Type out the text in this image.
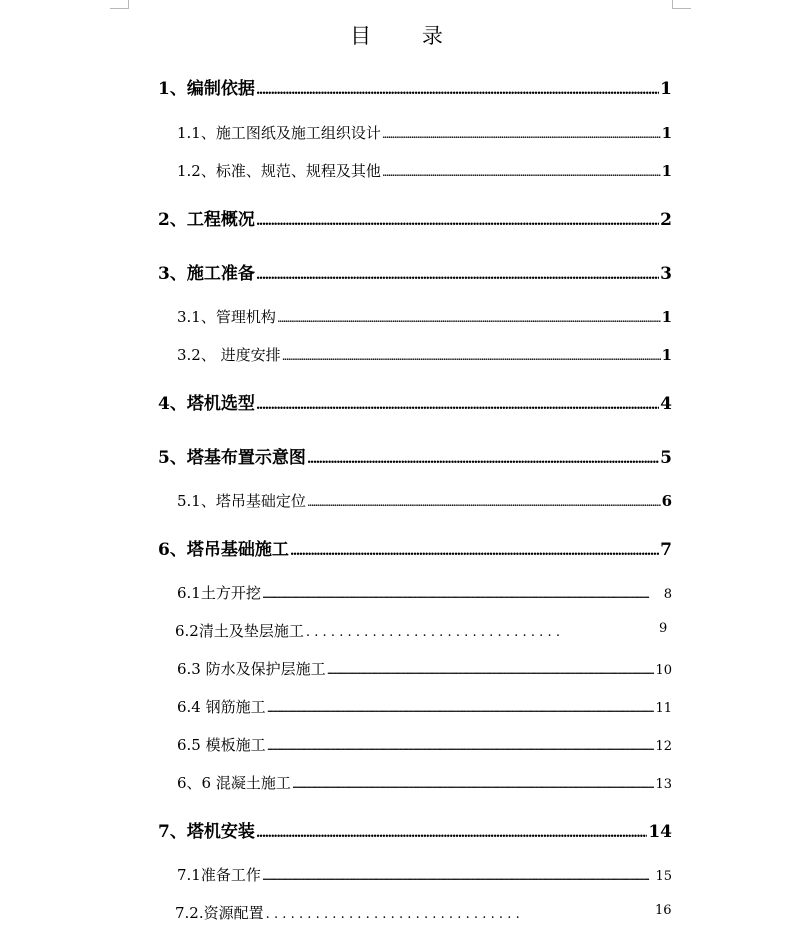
目 录
1、编制依据 .....	1
1.1、施工图纸及施工组织设计 .....	1
1.2、标准、规范、规程及其他 .....	1
2、工程概况 .....	2
3、施工准备 .....	3
3.1、管理机构 .....	1
3.2、 进度安排 .....	1
4、塔机选型 .....	4
5、塔基布置示意图 .....	5
5.1、塔吊基础定位 .....	6
6、塔吊基础施工 .....	7
6.1土方开挖 .....	8
6.2清土及垫层施工 ...............................	9
6.3 防水及保护层施工 .....	10
6.4 钢筋施工 .....	11
6.5 模板施工 .....	12
6、6 混凝土施工 .....	13
7、塔机安装 .....	14
7.1准备工作 .....	15
7.2.资源配置 ...............................	16
